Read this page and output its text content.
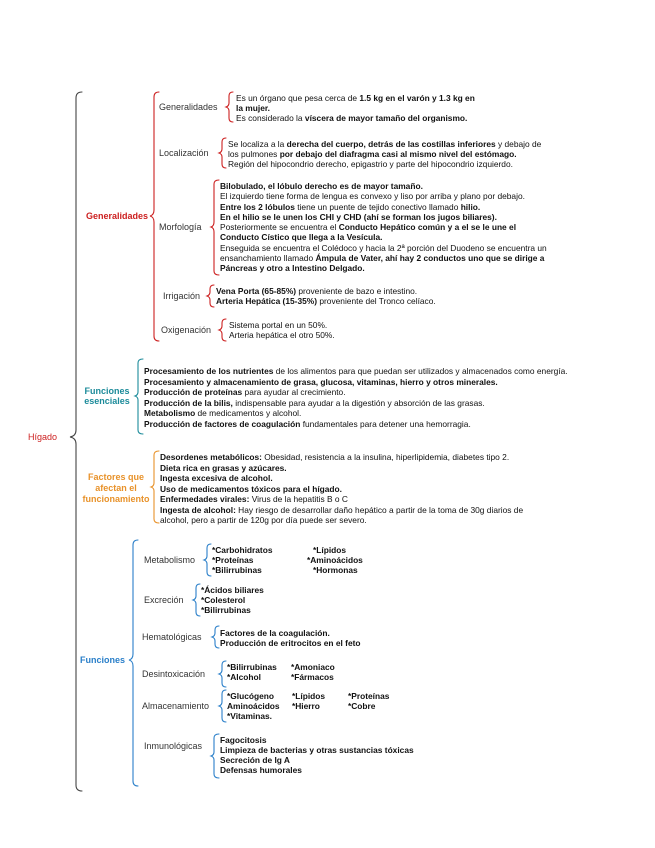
Hígado
Generalidades
Generalidades
Es un órgano que pesa cerca de 1.5 kg en el varón y 1.3 kg en
la mujer.
Es considerado la víscera de mayor tamaño del organismo.
Localización
Se localiza a la derecha del cuerpo, detrás de las costillas inferiores y debajo de
los pulmones por debajo del diafragma casi al mismo nivel del estómago.
Región del hipocondrio derecho, epigastrio y parte del hipocondrio izquierdo.
Morfología
Bilobulado, el lóbulo derecho es de mayor tamaño.
El izquierdo tiene forma de lengua es convexo y liso por arriba y plano por debajo.
Entre los 2 lóbulos tiene un puente de tejido conectivo llamado hilio.
En el hilio se le unen los CHI y CHD (ahí se forman los jugos biliares).
Posteriormente se encuentra el Conducto Hepático común y a el se le une el
Conducto Cístico que llega a la Vesícula.
Enseguida se encuentra el Colédoco y hacia la 2ª porción del Duodeno se encuentra un
ensanchamiento llamado Ámpula de Vater, ahí hay 2 conductos uno que se dirige a
Páncreas y otro a Intestino Delgado.
Irrigación Vena Porta (65-85%) proveniente de bazo e intestino.
Arteria Hepática (15-35%) proveniente del Tronco celíaco.
Oxigenación Sistema portal en un 50%.
Arteria hepática el otro 50%.
Funciones
esenciales
Procesamiento de los nutrientes de los alimentos para que puedan ser utilizados y almacenados como energía.
Procesamiento y almacenamiento de grasa, glucosa, vitaminas, hierro y otros minerales.
Producción de proteínas para ayudar al crecimiento.
Producción de la bilis, indispensable para ayudar a la digestión y absorción de las grasas.
Metabolismo de medicamentos y alcohol.
Producción de factores de coagulación fundamentales para detener una hemorragia.
Factores que
afectan el
funcionamiento
Desordenes metabólicos: Obesidad, resistencia a la insulina, hiperlipidemia, diabetes tipo 2.
Dieta rica en grasas y azúcares.
Ingesta excesiva de alcohol.
Uso de medicamentos tóxicos para el hígado.
Enfermedades virales: Virus de la hepatitis B o C
Ingesta de alcohol: Hay riesgo de desarrollar daño hepático a partir de la toma de 30g diarios de
alcohol, pero a partir de 120g por día puede ser severo.
Funciones
Metabolismo
*Carbohidratos
*Proteínas
*Bilirrubinas
*Lípidos
*Aminoácidos
*Hormonas
Excreción
*Ácidos biliares
*Colesterol
*Bilirrubinas
Hematológicas Factores de la coagulación.
Producción de eritrocitos en el feto
Desintoxicación
*Bilirrubinas
*Alcohol
*Amoniaco
*Fármacos
Almacenamiento
*Glucógeno
Aminoácidos
*Vitaminas.
*Lípidos
*Hierro
*Proteínas
*Cobre
Inmunológicas
Fagocitosis
Limpieza de bacterias y otras sustancias tóxicas
Secreción de Ig A
Defensas humorales
